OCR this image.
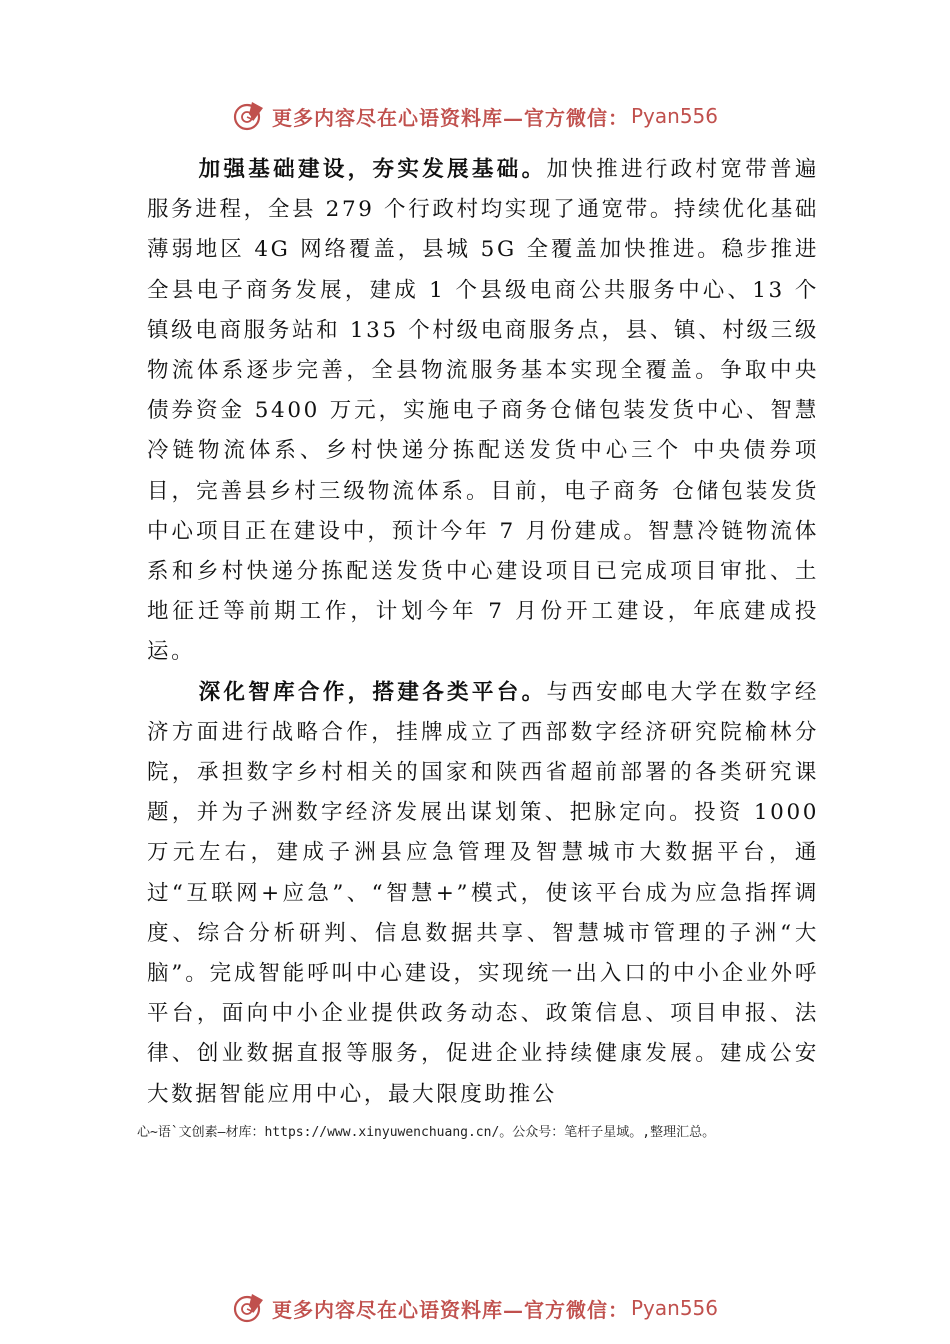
更多内容尽在心语资料库—官方微信： Pyan556

加强基础建设，夯实发展基础。加快推进行政村宽带普遍服务进程，全县 279 个行政村均实现了通宽带。持续优化基础薄弱地区 4G 网络覆盖，县城 5G 全覆盖加快推进。稳步推进全县电子商务发展，建成 1 个县级电商公共服务中心、13 个镇级电商服务站和 135 个村级电商服务点，县、镇、村级三级物流体系逐步完善，全县物流服务基本实现全覆盖。争取中央债券资金 5400 万元，实施电子商务仓储包装发货中心、智慧冷链物流体系、乡村快递分拣配送发货中心三个 中央债券项目，完善县乡村三级物流体系。目前，电子商务 仓储包装发货中心项目正在建设中，预计今年 7 月份建成。智慧冷链物流体系和乡村快递分拣配送发货中心建设项目已完成项目审批、土地征迁等前期工作，计划今年 7 月份开工建设，年底建成投运。

深化智库合作，搭建各类平台。与西安邮电大学在数字经济方面进行战略合作，挂牌成立了西部数字经济研究院榆林分院，承担数字乡村相关的国家和陕西省超前部署的各类研究课题，并为子洲数字经济发展出谋划策、把脉定向。投资 1000 万元左右，建成子洲县应急管理及智慧城市大数据平台，通过“互联网+应急”、“智慧+”模式，使该平台成为应急指挥调度、综合分析研判、信息数据共享、智慧城市管理的子洲“大脑”。完成智能呼叫中心建设，实现统一出入口的中小企业外呼平台，面向中小企业提供政务动态、政策信息、项目申报、法律、创业数据直报等服务，促进企业持续健康发展。建成公安大数据智能应用中心，最大限度助推公

心~语`文创素—材库：https://www.xinyuwenchuang.cn/。公众号：笔杆子星域。,整理汇总。
更多内容尽在心语资料库—官方微信： Pyan556
